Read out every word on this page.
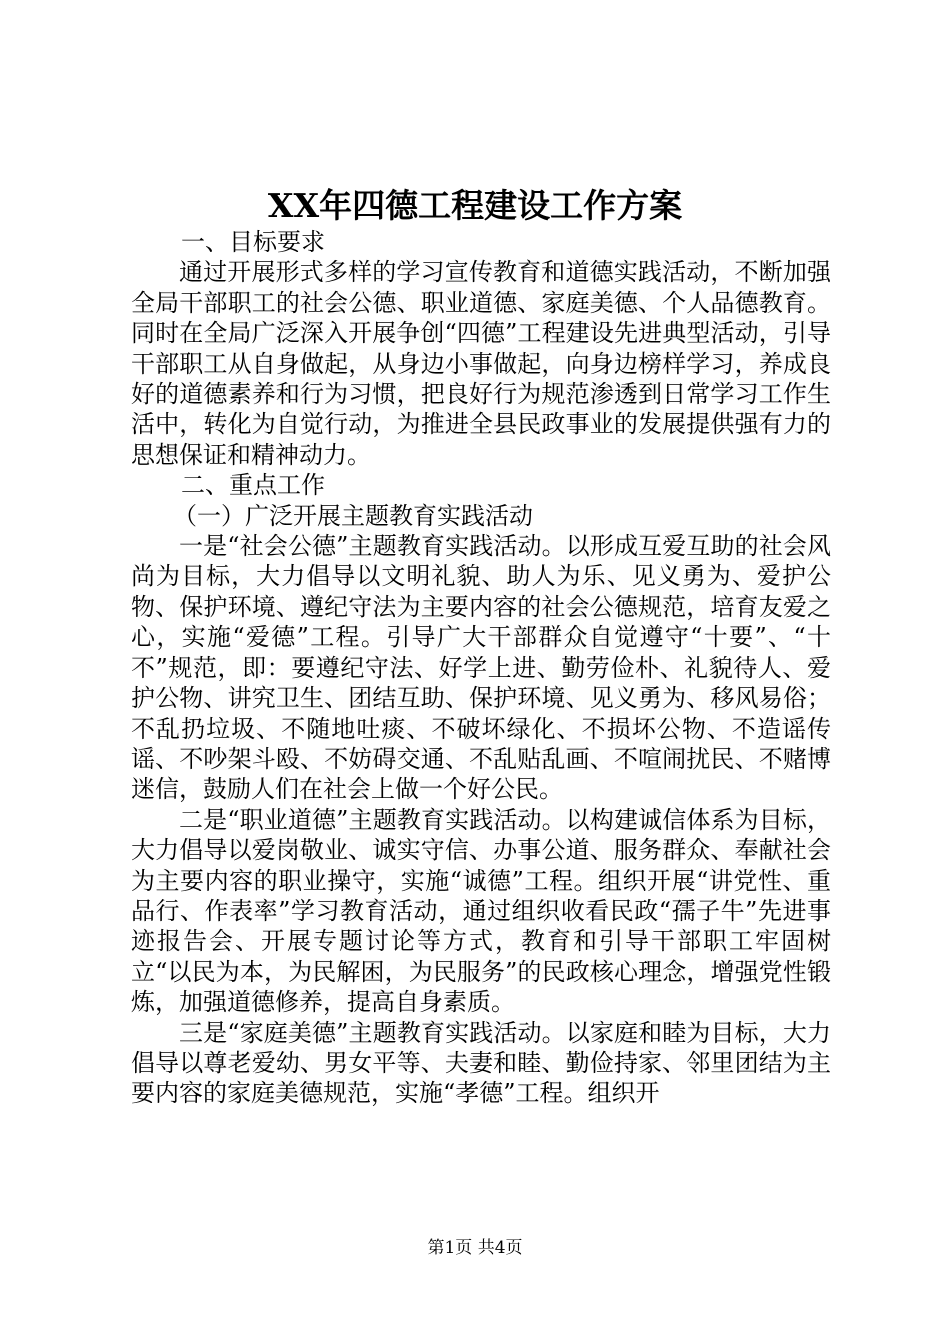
XX年四德工程建设工作方案

一、目标要求

通过开展形式多样的学习宣传教育和道德实践活动，不断加强全局干部职工的社会公德、职业道德、家庭美德、个人品德教育。同时在全局广泛深入开展争创“四德”工程建设先进典型活动，引导干部职工从自身做起，从身边小事做起，向身边榜样学习，养成良好的道德素养和行为习惯，把良好行为规范渗透到日常学习工作生活中，转化为自觉行动，为推进全县民政事业的发展提供强有力的思想保证和精神动力。

二、重点工作

（一）广泛开展主题教育实践活动

一是“社会公德”主题教育实践活动。以形成互爱互助的社会风尚为目标，大力倡导以文明礼貌、助人为乐、见义勇为、爱护公物、保护环境、遵纪守法为主要内容的社会公德规范，培育友爱之心，实施“爱德”工程。引导广大干部群众自觉遵守“十要”、“十不”规范，即：要遵纪守法、好学上进、勤劳俭朴、礼貌待人、爱护公物、讲究卫生、团结互助、保护环境、见义勇为、移风易俗；不乱扔垃圾、不随地吐痰、不破坏绿化、不损坏公物、不造谣传谣、不吵架斗殴、不妨碍交通、不乱贴乱画、不喧闹扰民、不赌博迷信，鼓励人们在社会上做一个好公民。

二是“职业道德”主题教育实践活动。以构建诚信体系为目标，大力倡导以爱岗敬业、诚实守信、办事公道、服务群众、奉献社会为主要内容的职业操守，实施“诚德”工程。组织开展“讲党性、重品行、作表率”学习教育活动，通过组织收看民政“孺子牛”先进事迹报告会、开展专题讨论等方式，教育和引导干部职工牢固树立“以民为本，为民解困，为民服务”的民政核心理念，增强党性锻炼，加强道德修养，提高自身素质。

三是“家庭美德”主题教育实践活动。以家庭和睦为目标，大力倡导以尊老爱幼、男女平等、夫妻和睦、勤俭持家、邻里团结为主要内容的家庭美德规范，实施“孝德”工程。组织开

第1页 共4页
